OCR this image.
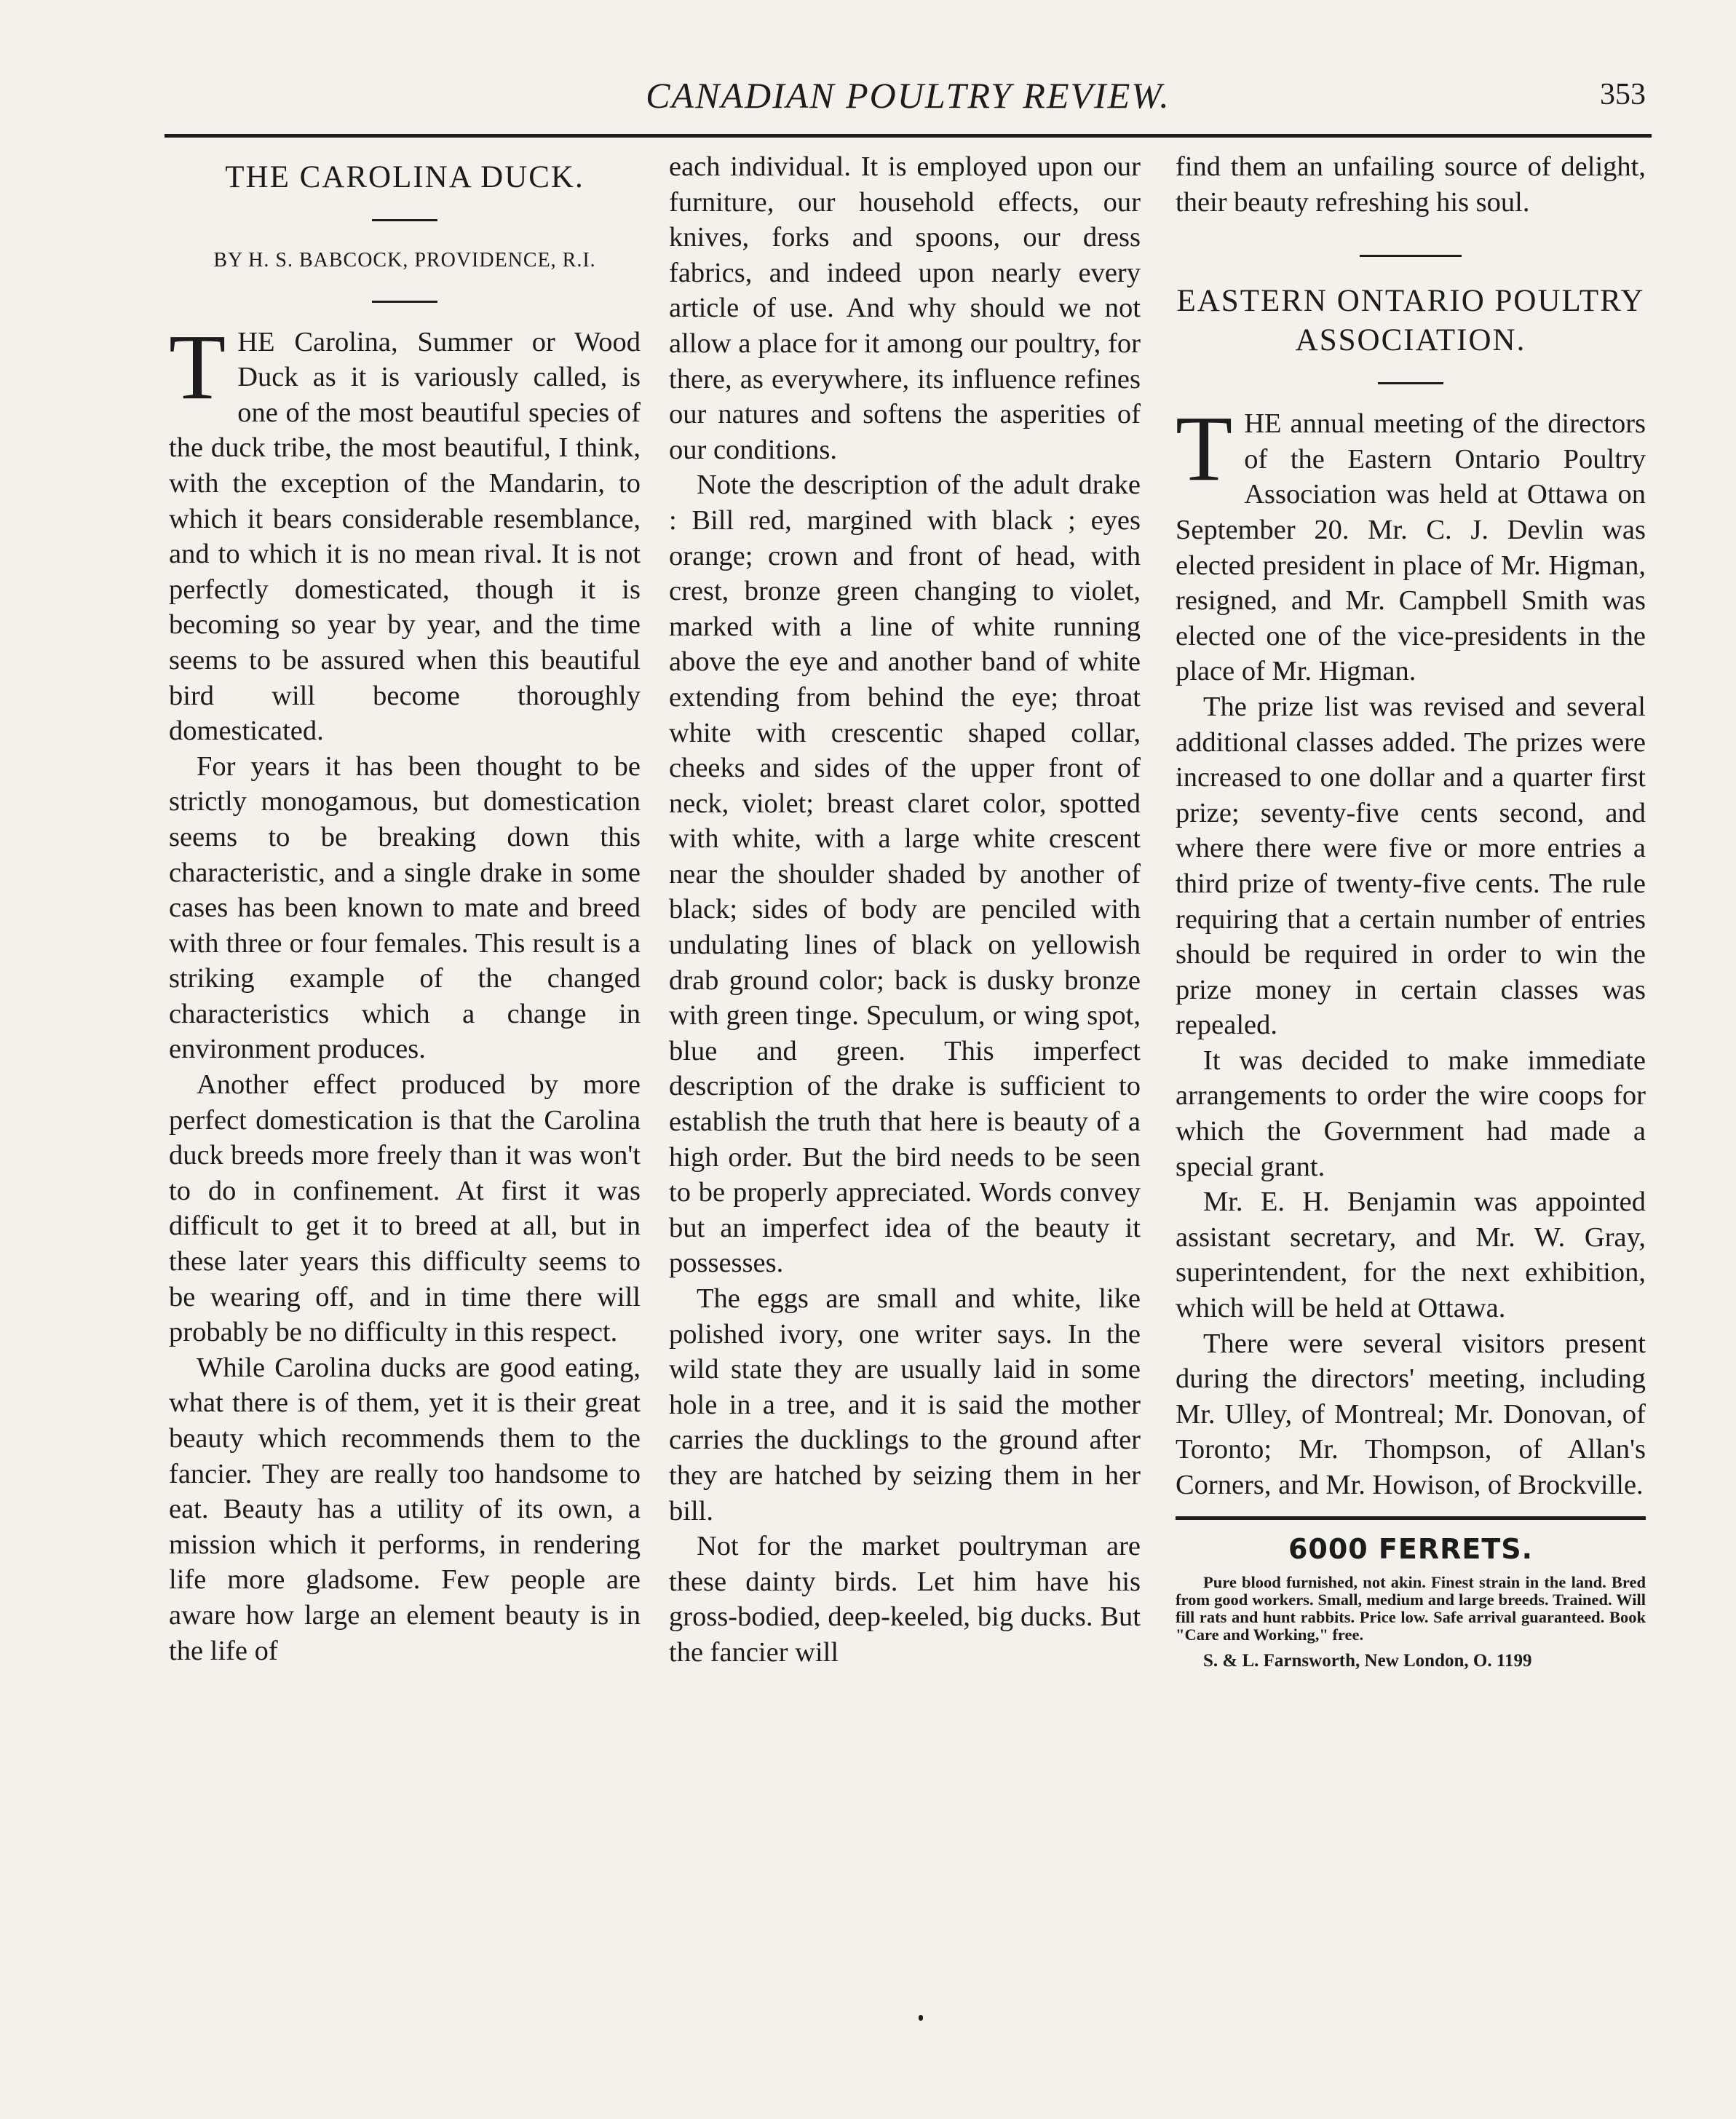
CANADIAN POULTRY REVIEW.	353
THE CAROLINA DUCK.
BY H. S. BABCOCK, PROVIDENCE, R.I.

THE Carolina, Summer or Wood Duck as it is variously called, is one of the most beautiful species of the duck tribe, the most beautiful, I think, with the exception of the Mandarin, to which it bears considerable resemblance, and to which it is no mean rival. It is not perfectly domesticated, though it is becoming so year by year, and the time seems to be assured when this beautiful bird will become thoroughly domesticated.

For years it has been thought to be strictly monogamous, but domestication seems to be breaking down this characteristic, and a single drake in some cases has been known to mate and breed with three or four females. This result is a striking example of the changed characteristics which a change in environment produces.

Another effect produced by more perfect domestication is that the Carolina duck breeds more freely than it was won't to do in confinement. At first it was difficult to get it to breed at all, but in these later years this difficulty seems to be wearing off, and in time there will probably be no difficulty in this respect.

While Carolina ducks are good eating, what there is of them, yet it is their great beauty which recommends them to the fancier. They are really too handsome to eat. Beauty has a utility of its own, a mission which it performs, in rendering life more gladsome. Few people are aware how large an element beauty is in the life of

each individual. It is employed upon our furniture, our household effects, our knives, forks and spoons, our dress fabrics, and indeed upon nearly every article of use. And why should we not allow a place for it among our poultry, for there, as everywhere, its influence refines our natures and softens the asperities of our conditions.

Note the description of the adult drake : Bill red, margined with black ; eyes orange; crown and front of head, with crest, bronze green changing to violet, marked with a line of white running above the eye and another band of white extending from behind the eye; throat white with crescentic shaped collar, cheeks and sides of the upper front of neck, violet; breast claret color, spotted with white, with a large white crescent near the shoulder shaded by another of black; sides of body are penciled with undulating lines of black on yellowish drab ground color; back is dusky bronze with green tinge. Speculum, or wing spot, blue and green. This imperfect description of the drake is sufficient to establish the truth that here is beauty of a high order. But the bird needs to be seen to be properly appreciated. Words convey but an imperfect idea of the beauty it possesses.

The eggs are small and white, like polished ivory, one writer says. In the wild state they are usually laid in some hole in a tree, and it is said the mother carries the ducklings to the ground after they are hatched by seizing them in her bill.

Not for the market poultryman are these dainty birds. Let him have his gross-bodied, deep-keeled, big ducks. But the fancier will

find them an unfailing source of delight, their beauty refreshing his soul.

EASTERN ONTARIO POULTRY ASSOCIATION.

THE annual meeting of the directors of the Eastern Ontario Poultry Association was held at Ottawa on September 20. Mr. C. J. Devlin was elected president in place of Mr. Higman, resigned, and Mr. Campbell Smith was elected one of the vice-presidents in the place of Mr. Higman.

The prize list was revised and several additional classes added. The prizes were increased to one dollar and a quarter first prize; seventy-five cents second, and where there were five or more entries a third prize of twenty-five cents. The rule requiring that a certain number of entries should be required in order to win the prize money in certain classes was repealed.

It was decided to make immediate arrangements to order the wire coops for which the Government had made a special grant.

Mr. E. H. Benjamin was appointed assistant secretary, and Mr. W. Gray, superintendent, for the next exhibition, which will be held at Ottawa.

There were several visitors present during the directors' meeting, including Mr. Ulley, of Montreal; Mr. Donovan, of Toronto; Mr. Thompson, of Allan's Corners, and Mr. Howison, of Brockville.

6000 FERRETS.

Pure blood furnished, not akin. Finest strain in the land. Bred from good workers. Small, medium and large breeds. Trained. Will fill rats and hunt rabbits. Price low. Safe arrival guaranteed. Book "Care and Working," free.

S. & L. Farnsworth, New London, O. 1199
